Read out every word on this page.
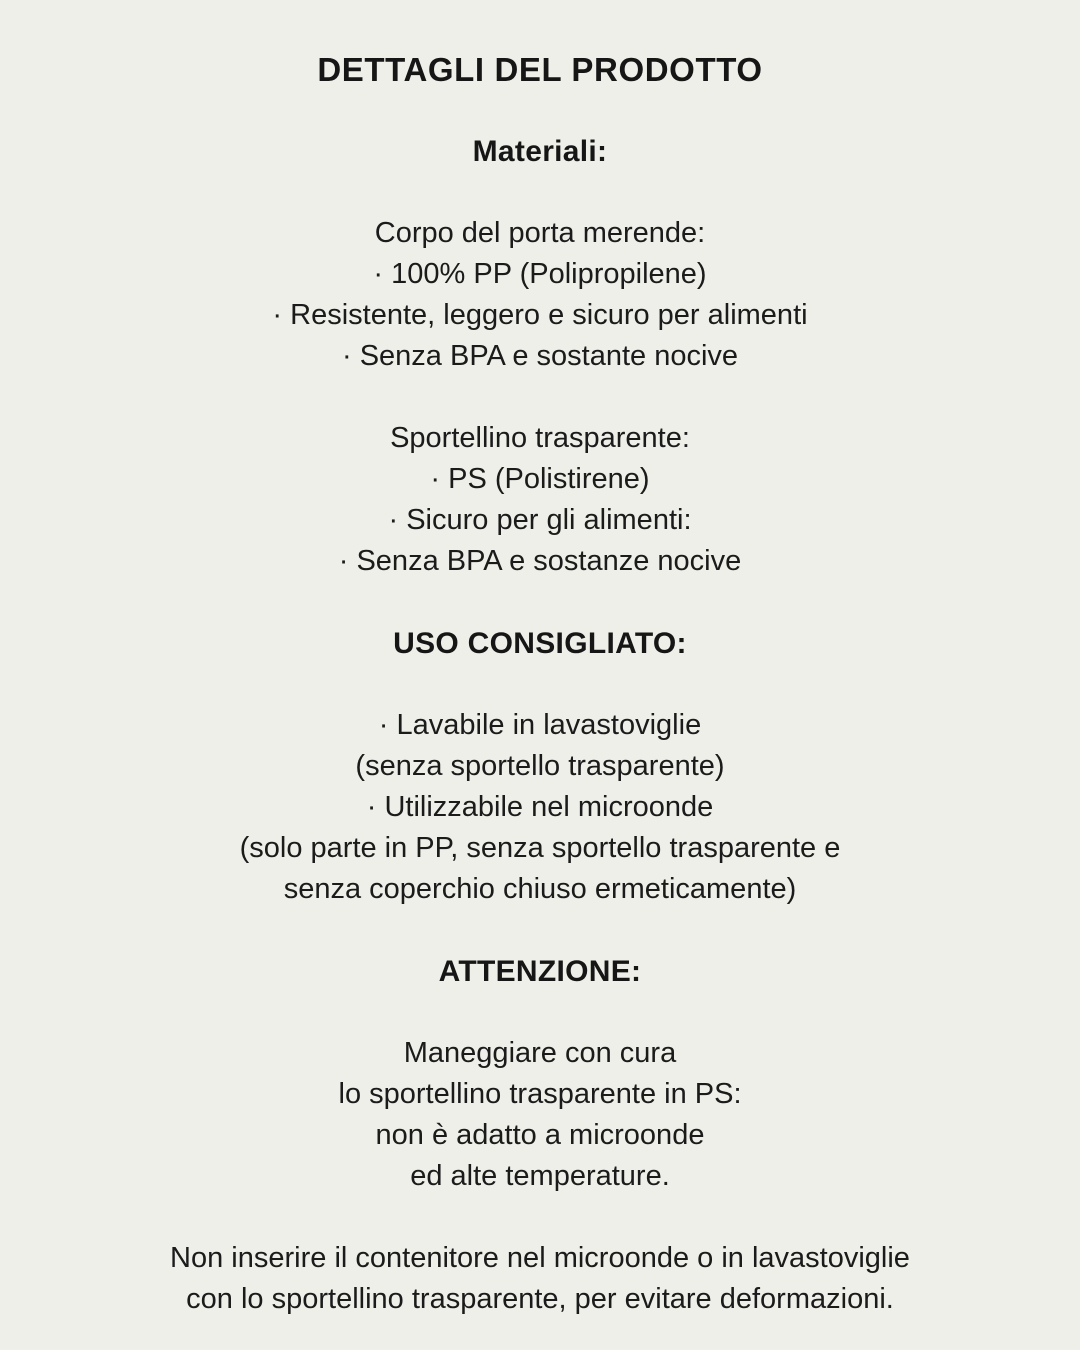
DETTAGLI DEL PRODOTTO
Materiali:
Corpo del porta merende:
· 100% PP (Polipropilene)
· Resistente, leggero e sicuro per alimenti
· Senza BPA e sostante nocive
Sportellino trasparente:
· PS (Polistirene)
· Sicuro per gli alimenti:
· Senza BPA e sostanze nocive
USO CONSIGLIATO:
· Lavabile in lavastoviglie
(senza sportello trasparente)
· Utilizzabile nel microonde
(solo parte in PP, senza sportello trasparente e
senza coperchio chiuso ermeticamente)
ATTENZIONE:
Maneggiare con cura
lo sportellino trasparente in PS:
non è adatto a microonde
ed alte temperature.
Non inserire il contenitore nel microonde o in lavastoviglie
con lo sportellino trasparente, per evitare deformazioni.
